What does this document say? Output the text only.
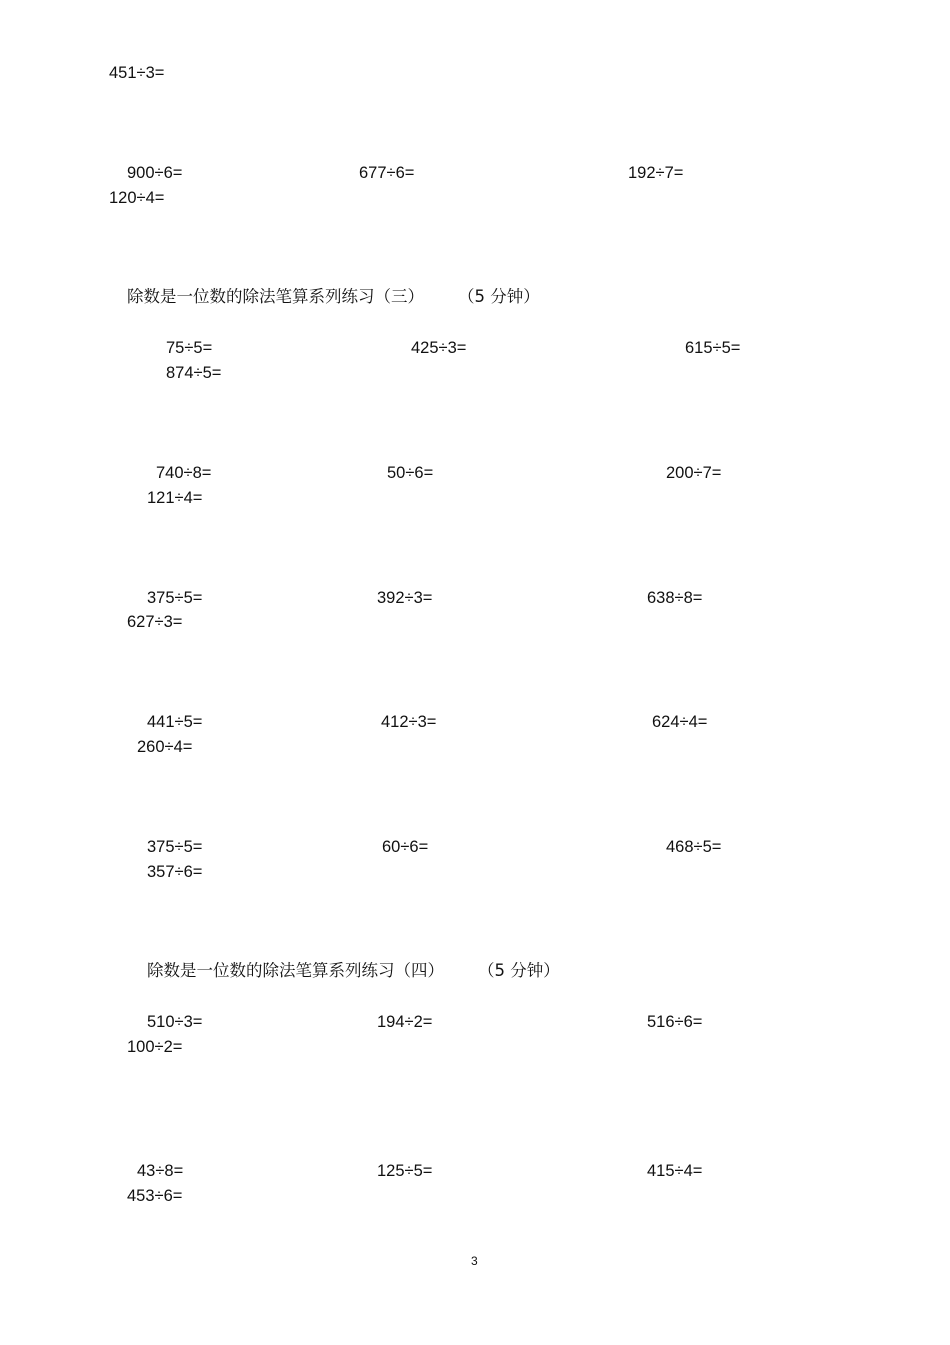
451÷3=
900÷6=	677÷6=	192÷7=
120÷4=
除数是一位数的除法笔算系列练习（三） （5 分钟）
75÷5=	425÷3=	615÷5=
874÷5=
740÷8=	50÷6=	200÷7=
121÷4=
375÷5=	392÷3=	638÷8=
627÷3=
441÷5=	412÷3=	624÷4=
260÷4=
375÷5=	60÷6=	468÷5=
357÷6=
除数是一位数的除法笔算系列练习（四） （5 分钟）
510÷3=	194÷2=	516÷6=
100÷2=
43÷8=	125÷5=	415÷4=
453÷6=
3
